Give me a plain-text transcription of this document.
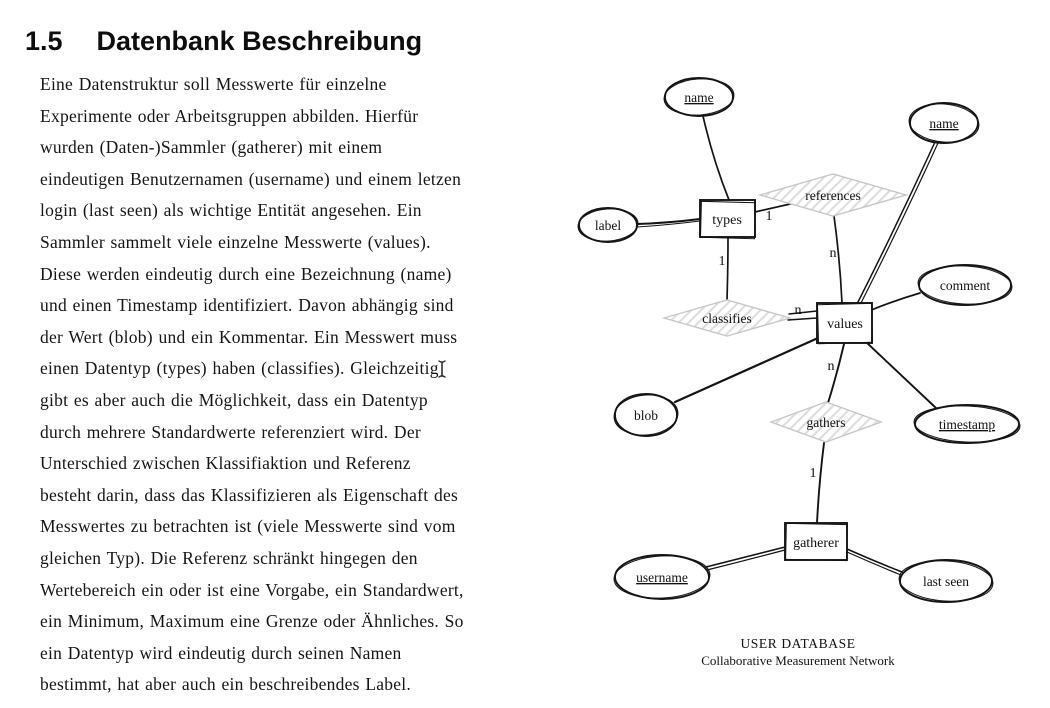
1.5 Datenbank Beschreibung
Eine Datenstruktur soll Messwerte für einzelne
Experimente oder Arbeitsgruppen abbilden. Hierfür
wurden (Daten-)Sammler (gatherer) mit einem
eindeutigen Benutzernamen (username) und einem letzen
login (last seen) als wichtige Entität angesehen. Ein
Sammler sammelt viele einzelne Messwerte (values).
Diese werden eindeutig durch eine Bezeichnung (name)
und einen Timestamp identifiziert. Davon abhängig sind
der Wert (blob) und ein Kommentar. Ein Messwert muss
einen Datentyp (types) haben (classifies). Gleichzeitig
gibt es aber auch die Möglichkeit, dass ein Datentyp
durch mehrere Standardwerte referenziert wird. Der
Unterschied zwischen Klassifiaktion und Referenz
besteht darin, dass das Klassifizieren als Eigenschaft des
Messwertes zu betrachten ist (viele Messwerte sind vom
gleichen Typ). Die Referenz schränkt hingegen den
Wertebereich ein oder ist eine Vorgabe, ein Standardwert,
ein Minimum, Maximum eine Grenze oder Ähnliches. So
ein Datentyp wird eindeutig durch seinen Namen
bestimmt, hat aber auch ein beschreibendes Label.
references
classifies
gathers
types
values
gatherer
name
name
label
comment
blob
timestamp
username	last seen
1
n
1
n
n
1
USER DATABASE
Collaborative Measurement Network
